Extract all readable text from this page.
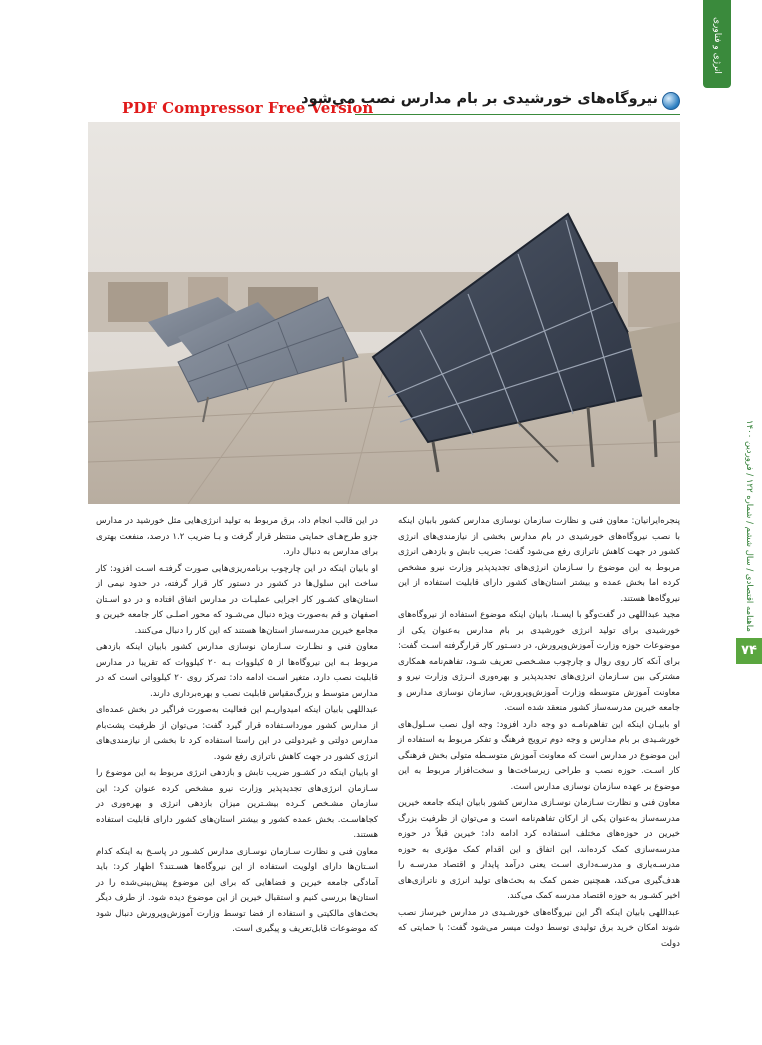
انرژی و فناوری
ماهنامه اقتصادی / سال ششم / شماره ۱۲۲ / فروردین ۱۴۰۰
۷۴
PDF Compressor Free Version
نیروگاه‌های خورشیدی بر بام مدارس نصب می‌شود

پنجره‌ایرانیان: معاون فنی و نظارت سازمان نوسازی مدارس کشور بابیان اینکه با نصب نیروگاه‌های خورشیدی در بام مدارس بخشی از نیازمندی‌های انرژی کشور در جهت کاهش ناترازی رفع می‌شود گفت: ضریب تابش و بازدهی انرژی مربوط به این موضوع را سـازمان انرژی‌های تجدیدپذیر وزارت نیرو مشخص کرده اما بخش عمده و بیشتر استان‌های کشور دارای قابلیت استفاده از این نیروگاه‌ها هستند.

مجید عبداللهی در گفت‌وگو با ایسـنا، بابیان اینکه موضوع استفاده از نیروگاه‌های خورشیدی برای تولید انرژی خورشیدی بر بام مدارس به‌عنوان یکی از موضوعات حوزه وزارت آموزش‌وپرورش، در دسـتور کار قرارگرفته اسـت گفت: برای آنکه کار روی روال و چارچوب مشـخصی تعریف شـود، تفاهم‌نامه همکاری مشترکی بین سـازمان انرژی‌های تجدیدپذیر و بهره‌وری انـرژی وزارت نیرو و معاونت آموزش متوسطه وزارت آموزش‌وپرورش، سازمان نوسازی مدارس و جامعه خیرین مدرسه‌ساز کشور منعقد شده است.

او بابیـان اینکه این تفاهم‌نامـه دو وجه دارد افزود: وجه اول نصب سـلول‌های خورشـیدی بر بام مدارس و وجه دوم ترویج فرهنگ و تفکر مربوط به استفاده از این موضوع در مدارس است که معاونت آموزش متوسـطه متولی بخش فرهنگی کار اسـت. حوزه نصب و طراحی زیرساخت‌ها و سخت‌افزار مربوط به این موضوع بر عهده سازمان نوسازی مدارس است.

معاون فنی و نظارت سـازمان نوسـازی مدارس کشور بابیان اینکه جامعه خیرین مدرسه‌ساز به‌عنوان یکی از ارکان تفاهم‌نامه است و می‌توان از ظرفیت بزرگ خیرین در حوزه‌های مختلف استفاده کرد ادامه داد: خیرین قبلاً در حوزه مدرسه‌سازی کمک کرده‌اند، این اتفاق و این اقدام کمک مؤثری به حوزه مدرسـه‌یاری و مدرسـه‌داری اسـت یعنی درآمد پایدار و اقتصاد مدرسـه را هدف‌گیری می‌کند، همچنین ضمن کمک به بحث‌های تولید انرژی و ناترازی‌های اخیر کشـور به حوزه اقتصاد مدرسه کمک می‌کند.

عبداللهی بابیان اینکه اگر این نیروگاه‌های خورشـیدی در مدارس خیرساز نصب شوند امکان خرید برق تولیدی توسط دولت میسر می‌شود گفت: با حمایتی که دولت

در این قالب انجام داد، برق مربوط به تولید انرژی‌هایی مثل خورشید در مدارس جزو طرح‌هـای حمایتی منتظر قرار گرفت و بـا ضریب ۱.۲ درصد، منفعت بهتری برای مدارس به دنبال دارد.

او بابیان اینکه در این چارچوب برنامه‌ریزی‌هایی صورت گرفتـه اسـت افزود: کار ساخت این سلول‌ها در کشور در دستور کار قرار گرفته، در حدود نیمی از استان‌های کشـور کار اجرایی عملیـات در مدارس اتفاق افتاده و در دو اسـتان اصفهان و قم به‌صورت ویژه دنبال می‌شـود که محور اصلـی کار جامعه خیرین و مجامع خیرین مدرسه‌ساز استان‌ها هستند که این کار را دنبال می‌کنند.

معاون فنی و نظـارت سـازمان نوسازی مدارس کشور بابیان اینکه بازدهی مربوط بـه این نیروگاه‌ها از ۵ کیلووات بـه ۲۰ کیلووات که تقریبا در مدارس قابلیت نصب دارد، متغیر اسـت ادامه داد: تمرکز روی ۲۰ کیلوواتی است که در مدارس متوسط و بزرگ‌مقیاس قابلیت نصب و بهره‌برداری دارند.

عبداللهی بابیان اینکه امیدواریـم این فعالیت به‌صورت فراگیر در بخش عمده‌ای از مدارس کشور مورداسـتفاده قرار گیرد گفت: می‌توان از ظرفیت پشت‌بام مدارس دولتی و غیردولتی در این راستا استفاده کرد تا بخشی از نیازمندی‌های انرژی کشور در جهت کاهش ناترازی رفع شود.

او بابیان اینکه در کشـور ضریب تابش و بازدهی انرژی مربوط به این موضوع را سـازمان انرژی‌های تجدیدپذیر وزارت نیرو مشخص کرده عنوان کرد: این سازمان مشـخص کـرده بیشـترین میزان بازدهی انرژی و بهره‌وری در کجاهاسـت. بخش عمده کشور و بیشتر استان‌های کشور دارای قابلیت استفاده هستند.

معاون فنی و نظارت سـازمان نوسـازی مدارس کشـور در پاسـخ به اینکه کدام اسـتان‌ها دارای اولویت استفاده از این نیروگاه‌ها هسـتند؟ اظهار کرد: باید آمادگی جامعه خیرین و فضاهایی که برای این موضوع پیش‌بینی‌شده را در استان‌ها بررسی کنیم و استقبال خیرین از این موضوع دیده شود. از طرف دیگر بحث‌های مالکیتی و استفاده از فضا توسط وزارت آموزش‌وپرورش دنبال شود که موضوعات قابل‌تعریف و پیگیری است.
